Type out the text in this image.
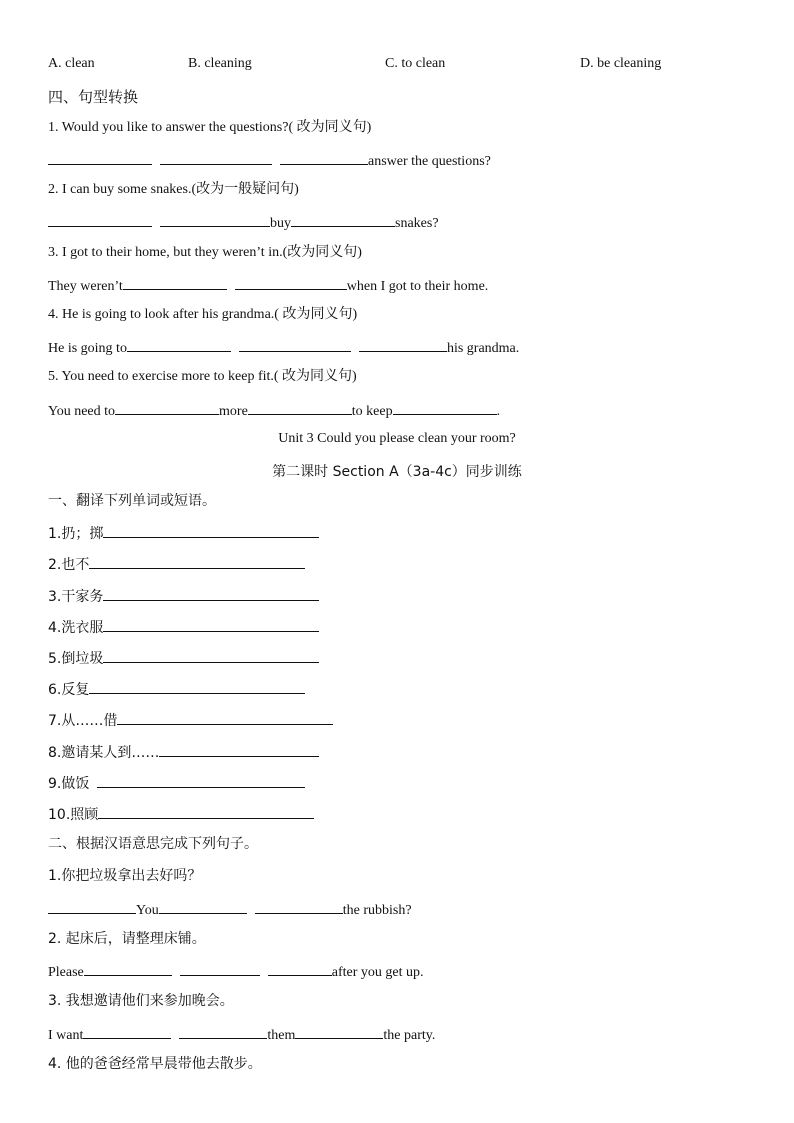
A. clean	B. cleaning	C. to clean	D. be cleaning
四、句型转换
1. Would you like to answer the questions?( 改为同义句)
answer the questions?
2. I can buy some snakes.(改为一般疑问句)
buy	snakes?
3. I got to their home, but they weren’t in.(改为同义句)
They weren’t	when I got to their home.
4. He is going to look after his grandma.( 改为同义句)
He is going to	his grandma.
5. You need to exercise more to keep fit.( 改为同义句)
You need to	more	to keep	.
Unit 3 Could you please clean your room?
第二课时 Section A（3a-4c）同步训练
一、翻译下列单词或短语。
1.扔；掷
2.也不
3.干家务
4.洗衣服
5.倒垃圾
6.反复
7.从……借
8.邀请某人到……
9.做饭
10.照顾
二、根据汉语意思完成下列句子。
1.你把垃圾拿出去好吗？
You	the rubbish?
2. 起床后，请整理床铺。
Please	after you get up.
3. 我想邀请他们来参加晚会。
I want	them	the party.
4. 他的爸爸经常早晨带他去散步。
